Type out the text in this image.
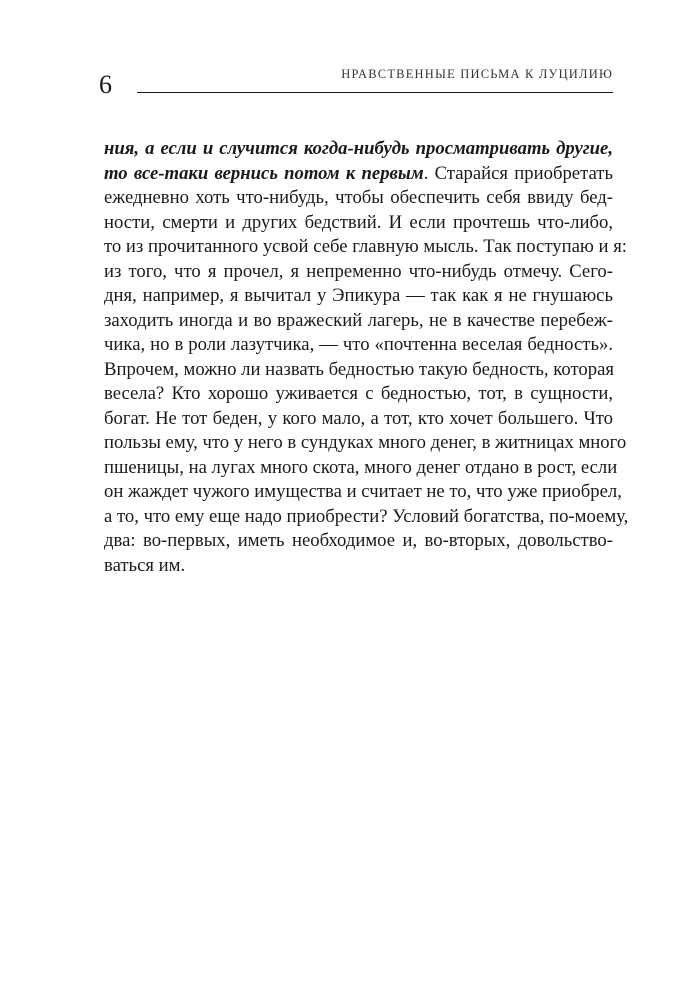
6	НРАВСТВЕННЫЕ ПИСЬМА К ЛУЦИЛИЮ
ния, а если и случится когда-нибудь просматривать другие,
то все-таки вернись потом к первым. Старайся приобретать
ежедневно хоть что-нибудь, чтобы обеспечить себя ввиду бед-
ности, смерти и других бедствий. И если прочтешь что-либо,
то из прочитанного усвой себе главную мысль. Так поступаю и я:
из того, что я прочел, я непременно что-нибудь отмечу. Сего-
дня, например, я вычитал у Эпикура — так как я не гнушаюсь
заходить иногда и во вражеский лагерь, не в качестве перебеж-
чика, но в роли лазутчика, — что «почтенна веселая бедность».
Впрочем, можно ли назвать бедностью такую бедность, которая
весела? Кто хорошо уживается с бедностью, тот, в сущности,
богат. Не тот беден, у кого мало, а тот, кто хочет большего. Что
пользы ему, что у него в сундуках много денег, в житницах много
пшеницы, на лугах много скота, много денег отдано в рост, если
он жаждет чужого имущества и считает не то, что уже приобрел,
а то, что ему еще надо приобрести? Условий богатства, по-моему,
два: во-первых, иметь необходимое и, во-вторых, довольство-
ваться им.
